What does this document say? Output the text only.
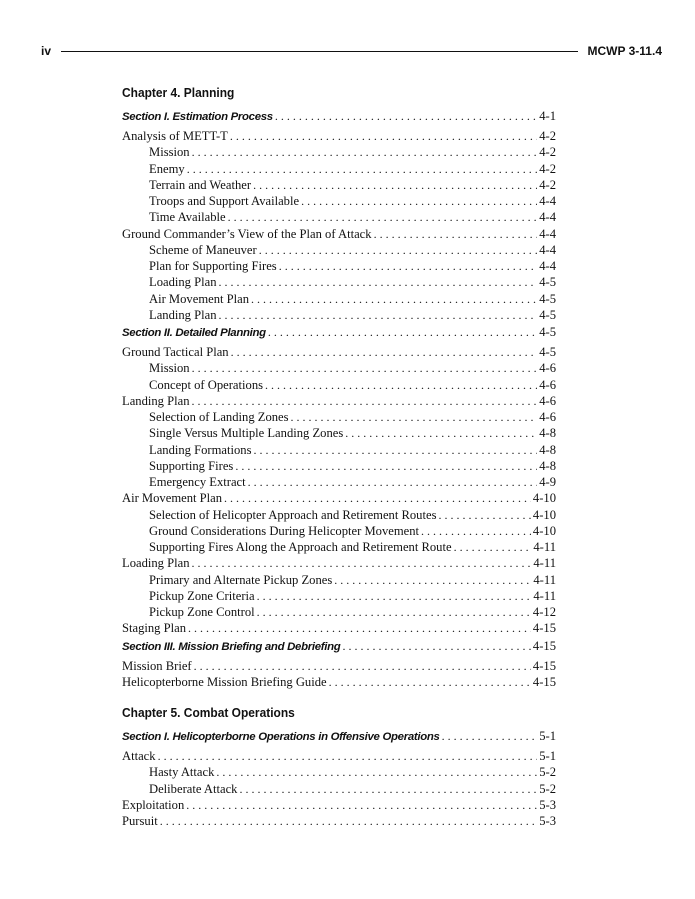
iv	MCWP 3-11.4
Chapter 4. Planning
Section I. Estimation Process . . .	4-1
Analysis of METT-T . . .	4-2
Mission . . .	4-2
Enemy . . .	4-2
Terrain and Weather . . .	4-2
Troops and Support Available . . .	4-4
Time Available . . .	4-4
Ground Commander’s View of the Plan of Attack . . .	4-4
Scheme of Maneuver . . .	4-4
Plan for Supporting Fires . . .	4-4
Loading Plan . . .	4-5
Air Movement Plan . . .	4-5
Landing Plan . . .	4-5
Section II. Detailed Planning . . .	4-5
Ground Tactical Plan . . .	4-5
Mission . . .	4-6
Concept of Operations . . .	4-6
Landing Plan . . .	4-6
Selection of Landing Zones . . .	4-6
Single Versus Multiple Landing Zones . . .	4-8
Landing Formations . . .	4-8
Supporting Fires . . .	4-8
Emergency Extract . . .	4-9
Air Movement Plan . . .	4-10
Selection of Helicopter Approach and Retirement Routes . . .	4-10
Ground Considerations During Helicopter Movement . . .	4-10
Supporting Fires Along the Approach and Retirement Route . . .	4-11
Loading Plan . . .	4-11
Primary and Alternate Pickup Zones . . .	4-11
Pickup Zone Criteria . . .	4-11
Pickup Zone Control . . .	4-12
Staging Plan . . .	4-15
Section III. Mission Briefing and Debriefing . . .	4-15
Mission Brief . . .	4-15
Helicopterborne Mission Briefing Guide . . .	4-15
Chapter 5. Combat Operations
Section I. Helicopterborne Operations in Offensive Operations . . .	5-1
Attack . . .	5-1
Hasty Attack . . .	5-2
Deliberate Attack . . .	5-2
Exploitation . . .	5-3
Pursuit . . .	5-3
